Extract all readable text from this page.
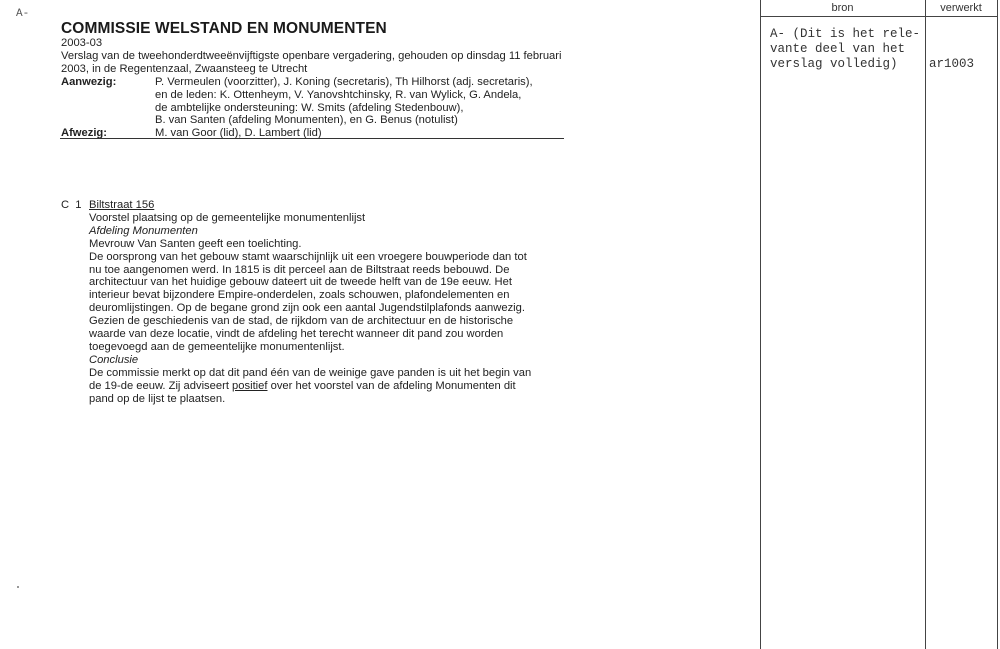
A-
COMMISSIE WELSTAND EN MONUMENTEN
2003-03
Verslag van de tweehonderdtweeënvijftigste openbare vergadering, gehouden op dinsdag 11 februari 2003, in de Regentenzaal, Zwaansteeg te Utrecht
Aanwezig:	P. Vermeulen (voorzitter), J. Koning (secretaris), Th Hilhorst (adj. secretaris),
en de leden: K. Ottenheym, V. Yanovshtchinsky, R. van Wylick, G. Andela,
de ambtelijke ondersteuning: W. Smits (afdeling Stedenbouw),
B. van Santen (afdeling Monumenten), en G. Benus (notulist)
Afwezig:	M. van Goor (lid), D. Lambert (lid)
C  1 Biltstraat 156
Voorstel plaatsing op de gemeentelijke monumentenlijst
Afdeling Monumenten
Mevrouw Van Santen geeft een toelichting.
De oorsprong van het gebouw stamt waarschijnlijk uit een vroegere bouwperiode dan tot
nu toe aangenomen werd. In 1815 is dit perceel aan de Biltstraat reeds bebouwd. De
architectuur van het huidige gebouw dateert uit de tweede helft van de 19e eeuw. Het
interieur bevat bijzondere Empire-onderdelen, zoals schouwen, plafondelementen en
deuromlijstingen. Op de begane grond zijn ook een aantal Jugendstilplafonds aanwezig.
Gezien de geschiedenis van de stad, de rijkdom van de architectuur en de historische
waarde van deze locatie, vindt de afdeling het terecht wanneer dit pand zou worden
toegevoegd aan de gemeentelijke monumentenlijst.
Conclusie
De commissie merkt op dat dit pand één van de weinige gave panden is uit het begin van
de 19-de eeuw. Zij adviseert positief over het voorstel van de afdeling Monumenten dit
pand op de lijst te plaatsen.
bron	verwerkt
A- (Dit is het rele-
vante deel van het
verslag volledig)	ar1003
